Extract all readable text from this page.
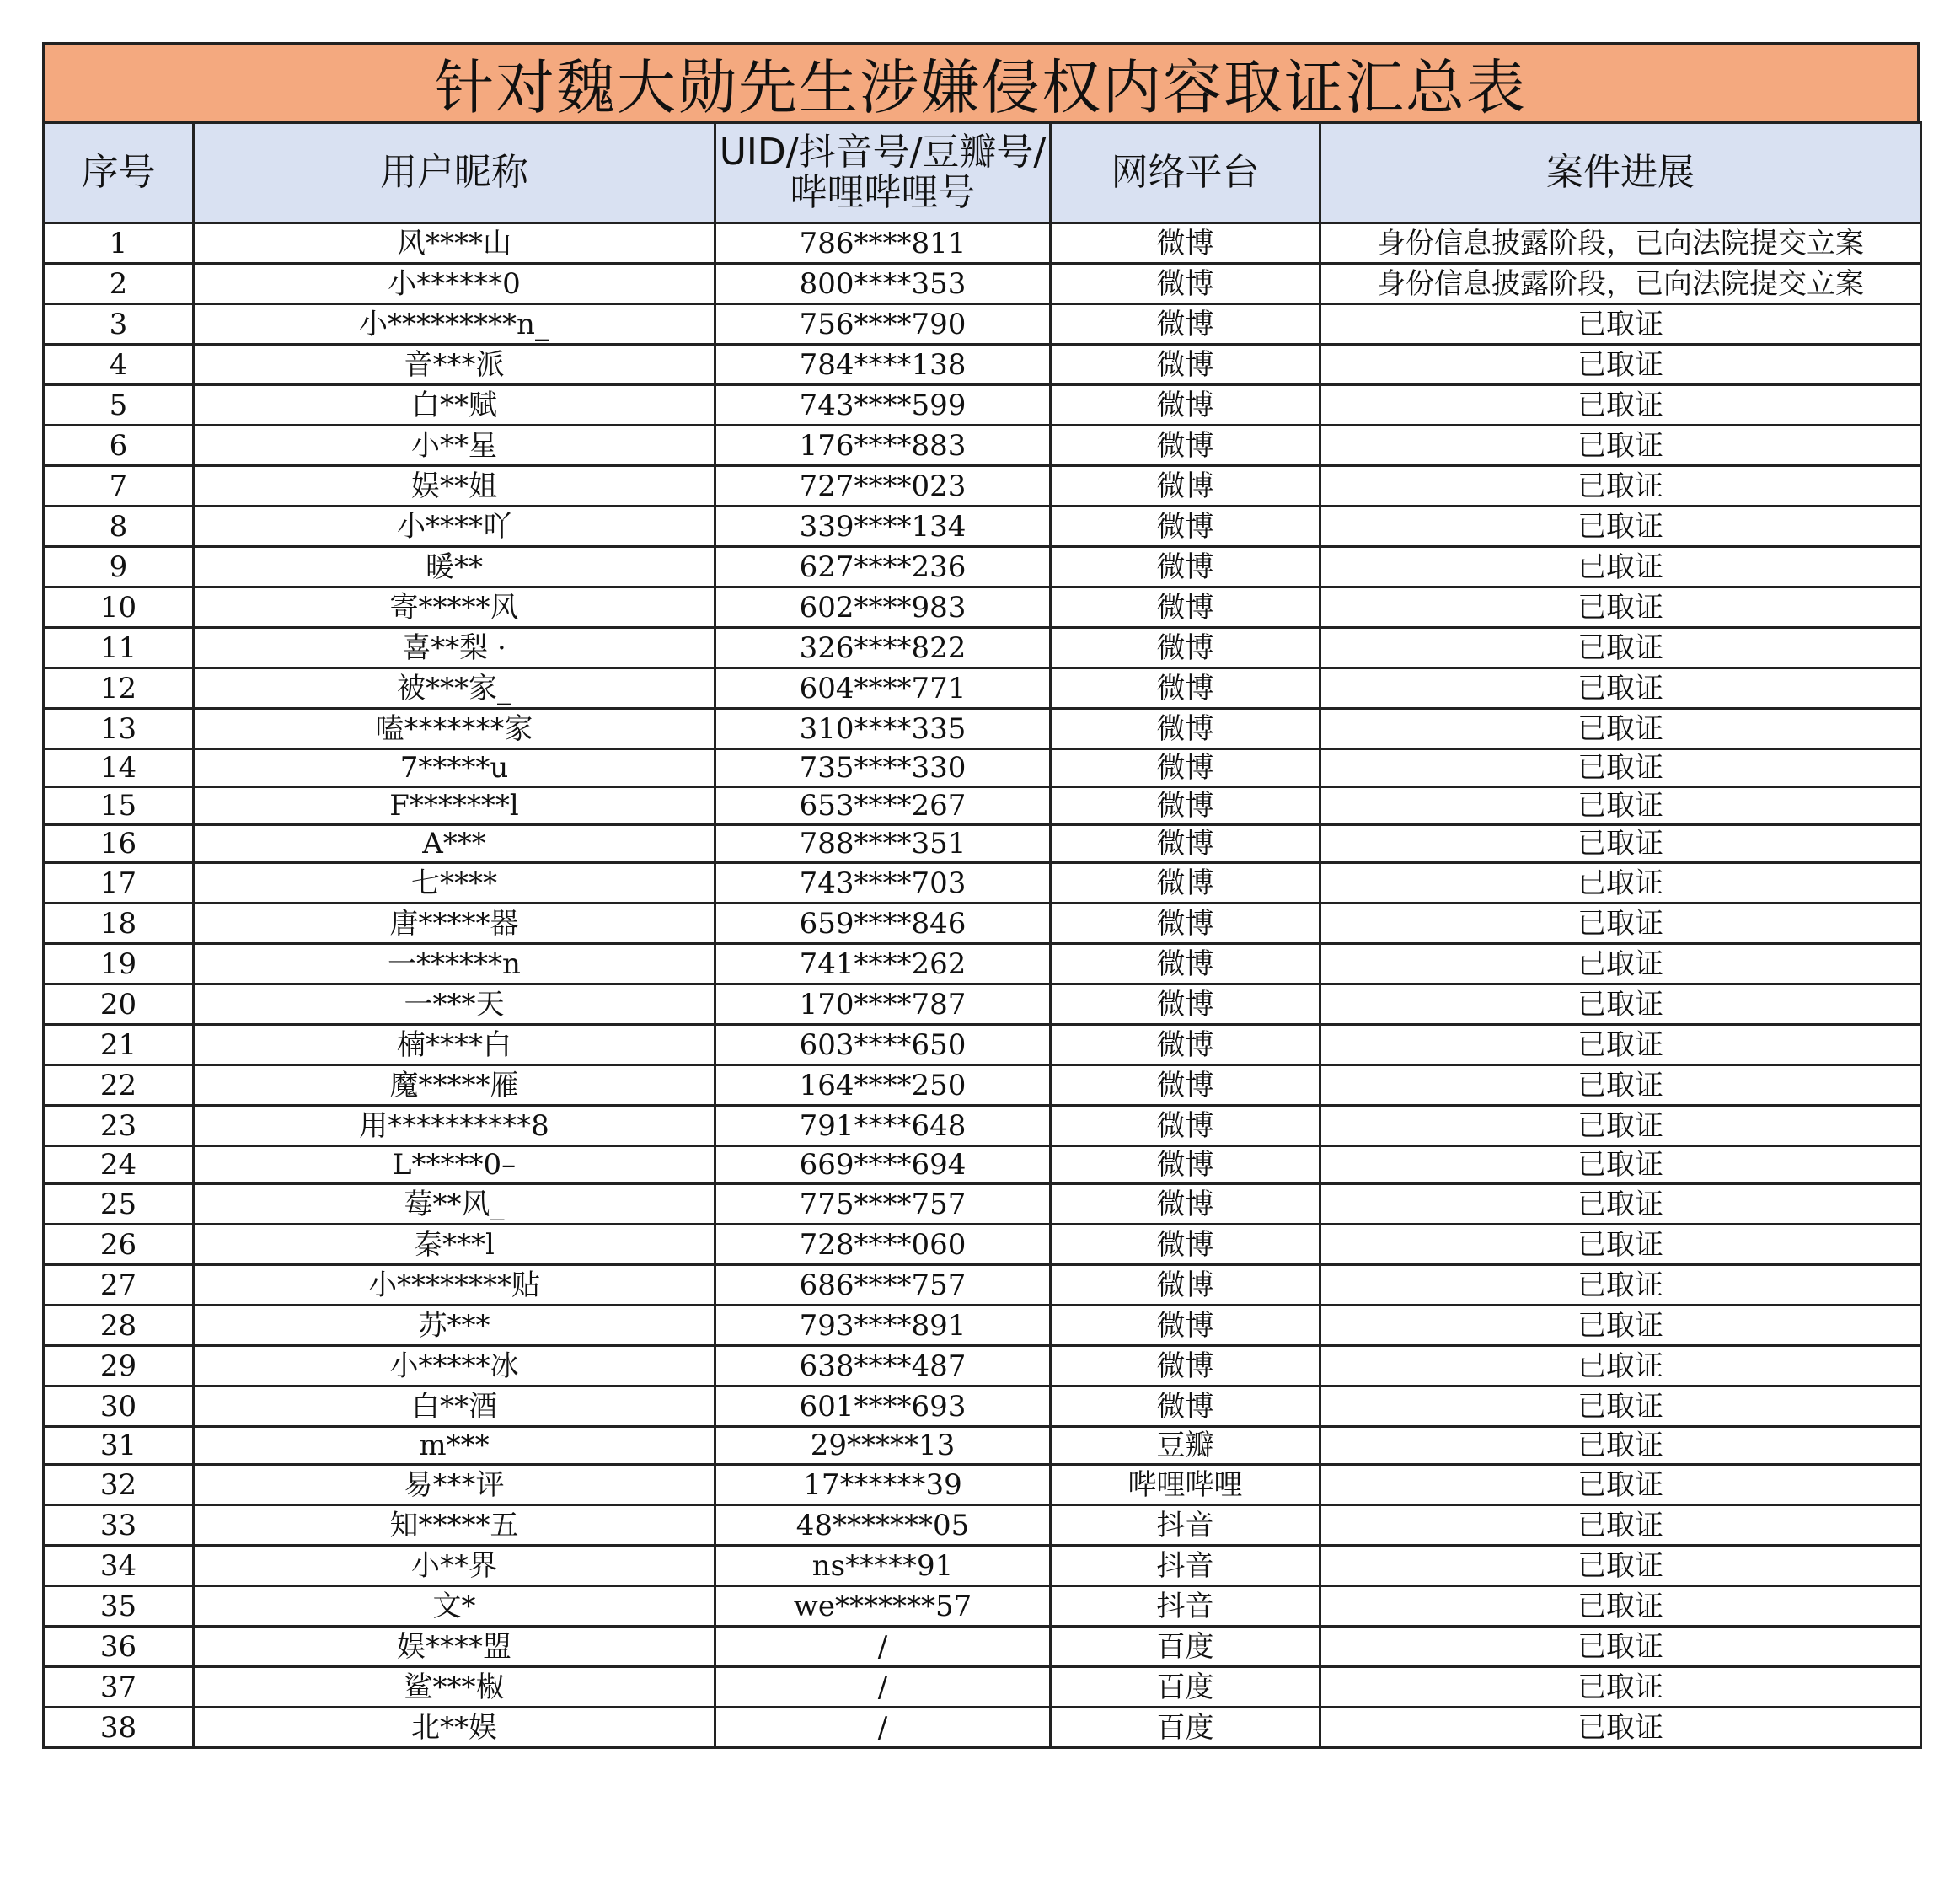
针对魏大勋先生涉嫌侵权内容取证汇总表
序号	用户昵称	UID/抖音号/豆瓣号/哔哩哔哩号	网络平台	案件进展
1	风****山	786****811	微博	身份信息披露阶段，已向法院提交立案
2	小******0	800****353	微博	身份信息披露阶段，已向法院提交立案
3	小*********n_	756****790	微博	已取证
4	音***派	784****138	微博	已取证
5	白**赋	743****599	微博	已取证
6	小**星	176****883	微博	已取证
7	娱**姐	727****023	微博	已取证
8	小****吖	339****134	微博	已取证
9	暖**	627****236	微博	已取证
10	寄*****风	602****983	微博	已取证
11	喜**梨 ·	326****822	微博	已取证
12	被***家_	604****771	微博	已取证
13	嗑*******家	310****335	微博	已取证
14	7*****u	735****330	微博	已取证
15	F*******l	653****267	微博	已取证
16	A***	788****351	微博	已取证
17	七****	743****703	微博	已取证
18	唐*****器	659****846	微博	已取证
19	一******n	741****262	微博	已取证
20	一***天	170****787	微博	已取证
21	楠****白	603****650	微博	已取证
22	魔*****雁	164****250	微博	已取证
23	用**********8	791****648	微博	已取证
24	L*****0–	669****694	微博	已取证
25	莓**风_	775****757	微博	已取证
26	秦***l	728****060	微博	已取证
27	小********贴	686****757	微博	已取证
28	苏***	793****891	微博	已取证
29	小*****冰	638****487	微博	已取证
30	白**酒	601****693	微博	已取证
31	m***	29*****13	豆瓣	已取证
32	易***评	17******39	哔哩哔哩	已取证
33	知*****五	48*******05	抖音	已取证
34	小**界	ns*****91	抖音	已取证
35	文*	we*******57	抖音	已取证
36	娱****盟	/	百度	已取证
37	鲨***椒	/	百度	已取证
38	北**娱	/	百度	已取证
